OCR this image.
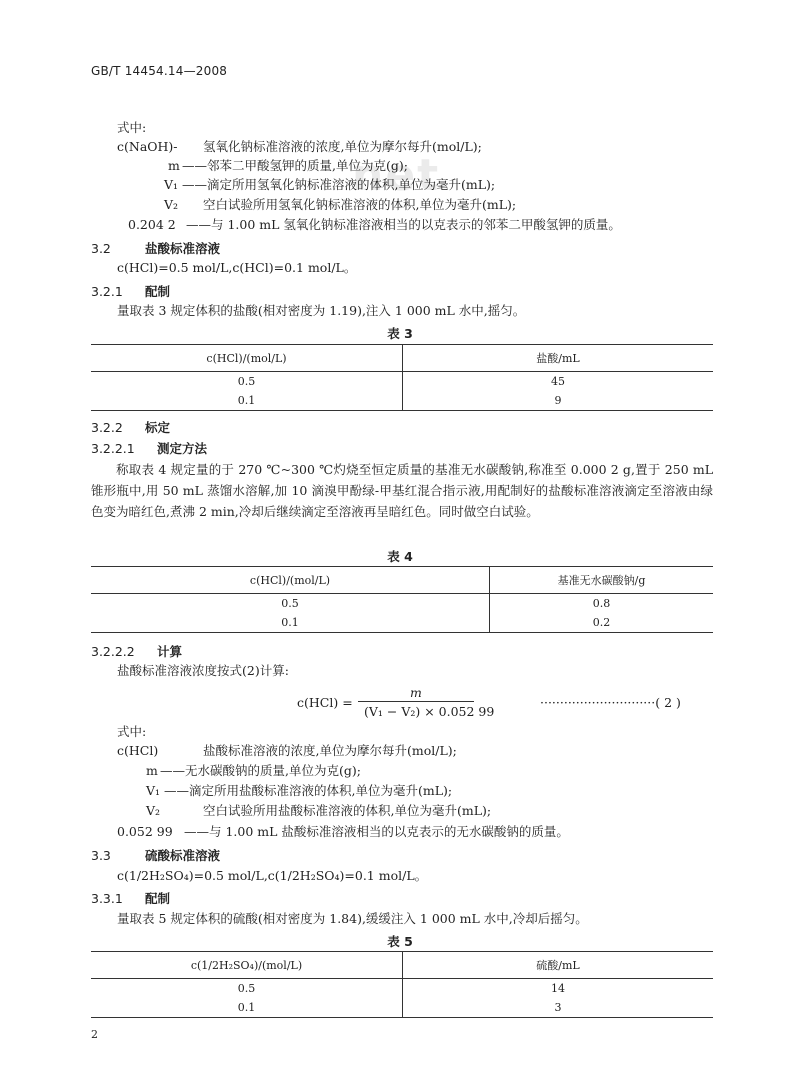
net
GB/T 14454.14—2008
式中:
c(NaOH)- 氢氧化钠标准溶液的浓度,单位为摩尔每升(mol/L);
m ——邻苯二甲酸氢钾的质量,单位为克(g);
V₁ ——滴定所用氢氧化钠标准溶液的体积,单位为毫升(mL);
V₂ 空白试验所用氢氧化钠标准溶液的体积,单位为毫升(mL);
0.204 2 ——与 1.00 mL 氢氧化钠标准溶液相当的以克表示的邻苯二甲酸氢钾的质量。
3.2	盐酸标准溶液
c(HCl)=0.5 mol/L,c(HCl)=0.1 mol/L。
3.2.1 配制
量取表 3 规定体积的盐酸(相对密度为 1.19),注入 1 000 mL 水中,摇匀。
表 3
c(HCl)/(mol/L)	盐酸/mL
0.5	45
0.1	9
3.2.2 标定
3.2.2.1 测定方法
称取表 4 规定量的于 270 ℃~300 ℃灼烧至恒定质量的基准无水碳酸钠,称准至 0.000 2 g,置于 250 mL 锥形瓶中,用 50 mL 蒸馏水溶解,加 10 滴溴甲酚绿-甲基红混合指示液,用配制好的盐酸标准溶液滴定至溶液由绿色变为暗红色,煮沸 2 min,冷却后继续滴定至溶液再呈暗红色。同时做空白试验。
表 4
c(HCl)/(mol/L)	基准无水碳酸钠/g
0.5	0.8
0.1	0.2
3.2.2.2 计算
盐酸标准溶液浓度按式(2)计算:
c(HCl) =
m
(V₁ − V₂) × 0.052 99
·····························( 2 )
式中:
c(HCl)	盐酸标准溶液的浓度,单位为摩尔每升(mol/L);
m ——无水碳酸钠的质量,单位为克(g);
V₁ ——滴定所用盐酸标准溶液的体积,单位为毫升(mL);
V₂	空白试验所用盐酸标准溶液的体积,单位为毫升(mL);
0.052 99 ——与 1.00 mL 盐酸标准溶液相当的以克表示的无水碳酸钠的质量。
3.3	硫酸标准溶液
c(1/2H₂SO₄)=0.5 mol/L,c(1/2H₂SO₄)=0.1 mol/L。
3.3.1 配制
量取表 5 规定体积的硫酸(相对密度为 1.84),缓缓注入 1 000 mL 水中,冷却后摇匀。
表 5
c(1/2H₂SO₄)/(mol/L)	硫酸/mL
0.5	14
0.1	3
2
